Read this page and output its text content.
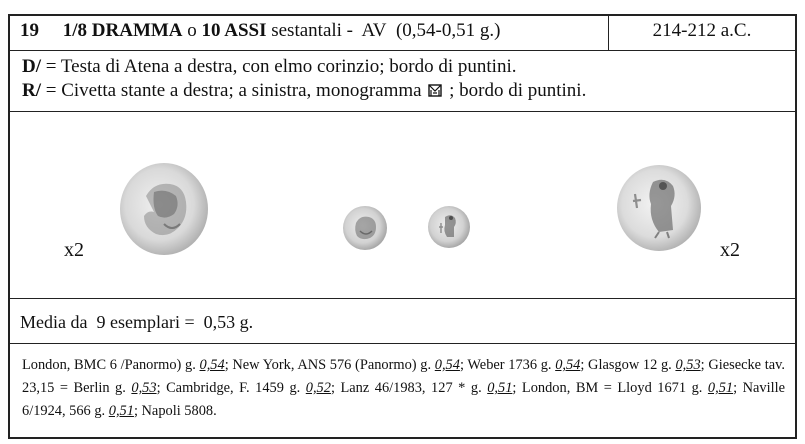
19 1/8 DRAMMA o 10 ASSI sestantali - AV (0,54-0,51 g.)	214-212 a.C.
D/ = Testa di Atena a destra, con elmo corinzio; bordo di puntini.
R/ = Civetta stante a destra; a sinistra, monogramma  ; bordo di puntini.
x2	x2
Media da 9 esemplari = 0,53 g.
London, BMC 6 /Panormo) g. 0,54; New York, ANS 576 (Panormo) g. 0,54; Weber 1736 g. 0,54; Glasgow 12 g. 0,53; Giesecke tav. 23,15 = Berlin g. 0,53; Cambridge, F. 1459 g. 0,52; Lanz 46/1983, 127 * g. 0,51; London, BM = Lloyd 1671 g. 0,51; Naville 6/1924, 566 g. 0,51; Napoli 5808.
